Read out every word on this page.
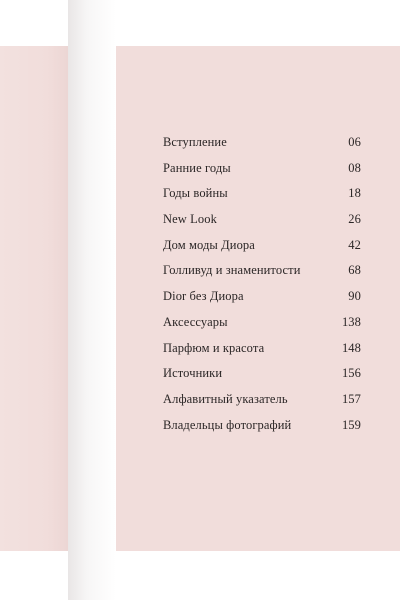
Вступление	06
Ранние годы	08
Годы войны	18
New Look	26
Дом моды Диора	42
Голливуд и знаменитости	68
Dior без Диора	90
Аксессуары	138
Парфюм и красота	148
Источники	156
Алфавитный указатель	157
Владельцы фотографий	159
